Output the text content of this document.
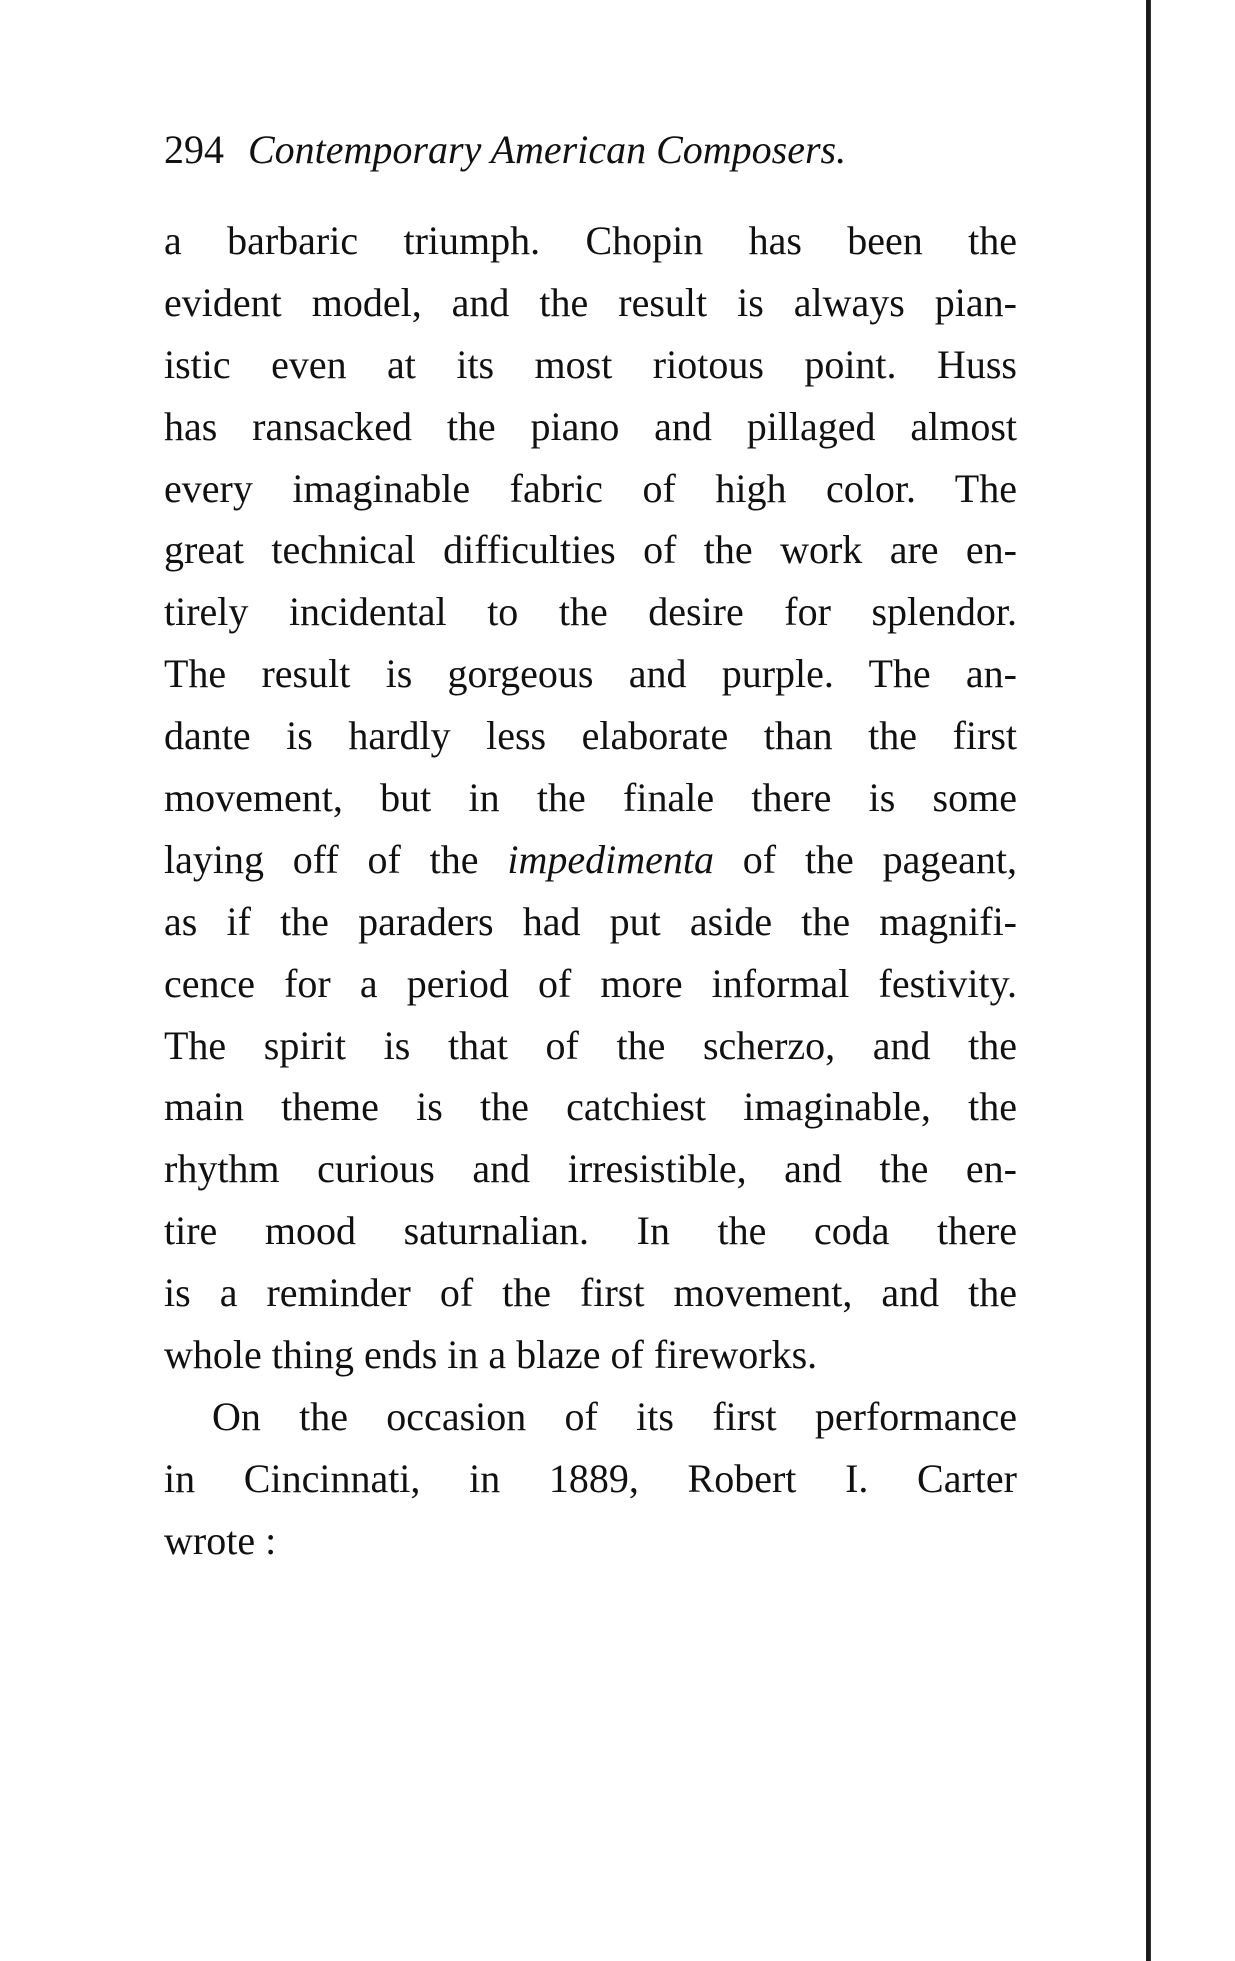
294 Contemporary American Composers.
a barbaric triumph. Chopin has been the
evident model, and the result is always pian-
istic even at its most riotous point. Huss
has ransacked the piano and pillaged almost
every imaginable fabric of high color. The
great technical difficulties of the work are en-
tirely incidental to the desire for splendor.
The result is gorgeous and purple. The an-
dante is hardly less elaborate than the first
movement, but in the finale there is some
laying off of the impedimenta of the pageant,
as if the paraders had put aside the magnifi-
cence for a period of more informal festivity.
The spirit is that of the scherzo, and the
main theme is the catchiest imaginable, the
rhythm curious and irresistible, and the en-
tire mood saturnalian. In the coda there
is a reminder of the first movement, and the
whole thing ends in a blaze of fireworks.
On the occasion of its first performance
in Cincinnati, in 1889, Robert I. Carter
wrote :
